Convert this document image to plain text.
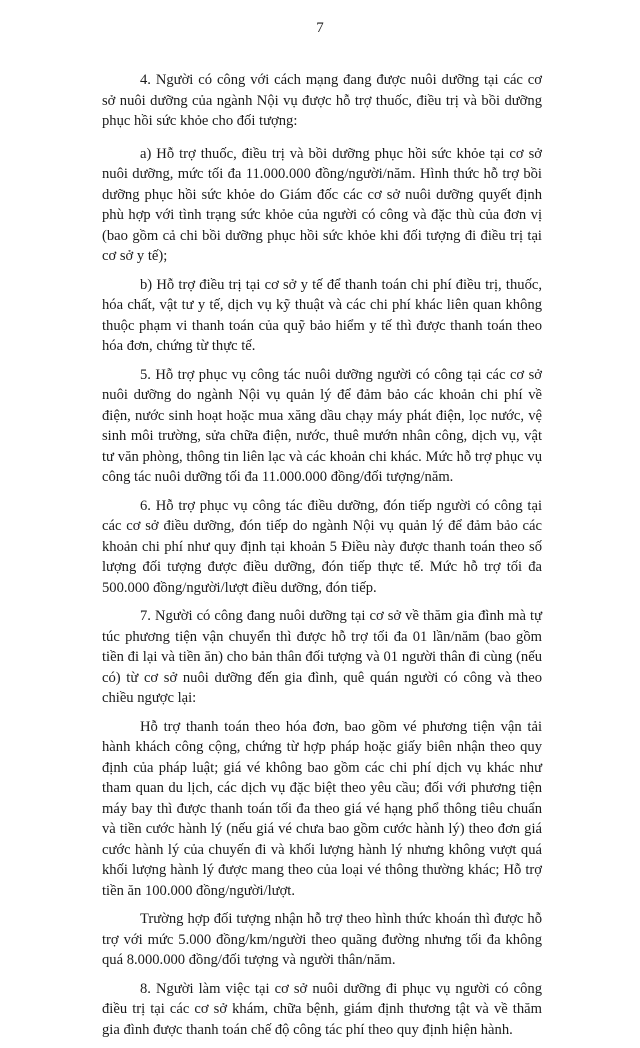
7

4. Người có công với cách mạng đang được nuôi dưỡng tại các cơ sở nuôi dưỡng của ngành Nội vụ được hỗ trợ thuốc, điều trị và bồi dưỡng phục hồi sức khỏe cho đối tượng:

a) Hỗ trợ thuốc, điều trị và bồi dưỡng phục hồi sức khỏe tại cơ sở nuôi dưỡng, mức tối đa 11.000.000 đồng/người/năm. Hình thức hỗ trợ bồi dưỡng phục hồi sức khỏe do Giám đốc các cơ sở nuôi dưỡng quyết định phù hợp với tình trạng sức khỏe của người có công và đặc thù của đơn vị (bao gồm cả chi bồi dưỡng phục hồi sức khỏe khi đối tượng đi điều trị tại cơ sở y tế);

b) Hỗ trợ điều trị tại cơ sở y tế để thanh toán chi phí điều trị, thuốc, hóa chất, vật tư y tế, dịch vụ kỹ thuật và các chi phí khác liên quan không thuộc phạm vi thanh toán của quỹ bảo hiểm y tế thì được thanh toán theo hóa đơn, chứng từ thực tế.

5. Hỗ trợ phục vụ công tác nuôi dưỡng người có công tại các cơ sở nuôi dưỡng do ngành Nội vụ quản lý để đảm bảo các khoản chi phí về điện, nước sinh hoạt hoặc mua xăng dầu chạy máy phát điện, lọc nước, vệ sinh môi trường, sửa chữa điện, nước, thuê mướn nhân công, dịch vụ, vật tư văn phòng, thông tin liên lạc và các khoản chi khác. Mức hỗ trợ phục vụ công tác nuôi dưỡng tối đa 11.000.000 đồng/đối tượng/năm.

6. Hỗ trợ phục vụ công tác điều dưỡng, đón tiếp người có công tại các cơ sở điều dưỡng, đón tiếp do ngành Nội vụ quản lý để đảm bảo các khoản chi phí như quy định tại khoản 5 Điều này được thanh toán theo số lượng đối tượng được điều dưỡng, đón tiếp thực tế. Mức hỗ trợ tối đa 500.000 đồng/người/lượt điều dưỡng, đón tiếp.

7. Người có công đang nuôi dưỡng tại cơ sở về thăm gia đình mà tự túc phương tiện vận chuyển thì được hỗ trợ tối đa 01 lần/năm (bao gồm tiền đi lại và tiền ăn) cho bản thân đối tượng và 01 người thân đi cùng (nếu có) từ cơ sở nuôi dưỡng đến gia đình, quê quán người có công và theo chiều ngược lại:

Hỗ trợ thanh toán theo hóa đơn, bao gồm vé phương tiện vận tải hành khách công cộng, chứng từ hợp pháp hoặc giấy biên nhận theo quy định của pháp luật; giá vé không bao gồm các chi phí dịch vụ khác như tham quan du lịch, các dịch vụ đặc biệt theo yêu cầu; đối với phương tiện máy bay thì được thanh toán tối đa theo giá vé hạng phổ thông tiêu chuẩn và tiền cước hành lý (nếu giá vé chưa bao gồm cước hành lý) theo đơn giá cước hành lý của chuyến đi và khối lượng hành lý nhưng không vượt quá khối lượng hành lý được mang theo của loại vé thông thường khác; Hỗ trợ tiền ăn 100.000 đồng/người/lượt.

Trường hợp đối tượng nhận hỗ trợ theo hình thức khoán thì được hỗ trợ với mức 5.000 đồng/km/người theo quãng đường nhưng tối đa không quá 8.000.000 đồng/đối tượng và người thân/năm.

8. Người làm việc tại cơ sở nuôi dưỡng đi phục vụ người có công điều trị tại các cơ sở khám, chữa bệnh, giám định thương tật và về thăm gia đình được thanh toán chế độ công tác phí theo quy định hiện hành.
